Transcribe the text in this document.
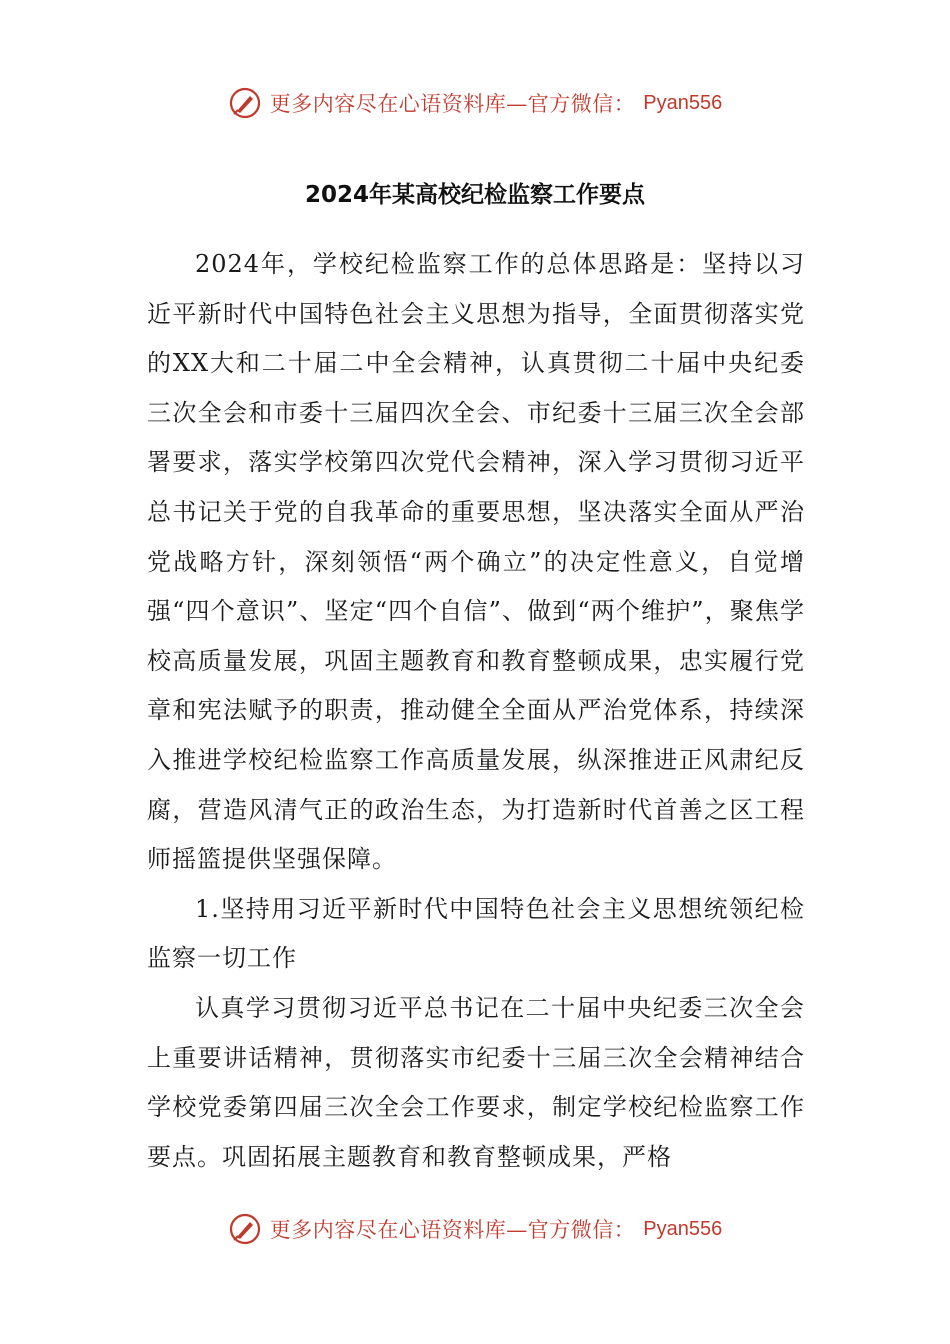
更多内容尽在心语资料库—官方微信： Pyan556
2024年某高校纪检监察工作要点

2024年，学校纪检监察工作的总体思路是：坚持以习近平新时代中国特色社会主义思想为指导，全面贯彻落实党的XX大和二十届二中全会精神，认真贯彻二十届中央纪委三次全会和市委十三届四次全会、市纪委十三届三次全会部署要求，落实学校第四次党代会精神，深入学习贯彻习近平总书记关于党的自我革命的重要思想，坚决落实全面从严治党战略方针，深刻领悟“两个确立”的决定性意义，自觉增强“四个意识”、坚定“四个自信”、做到“两个维护”，聚焦学校高质量发展，巩固主题教育和教育整顿成果，忠实履行党章和宪法赋予的职责，推动健全全面从严治党体系，持续深入推进学校纪检监察工作高质量发展，纵深推进正风肃纪反腐，营造风清气正的政治生态，为打造新时代首善之区工程师摇篮提供坚强保障。

1.坚持用习近平新时代中国特色社会主义思想统领纪检监察一切工作

认真学习贯彻习近平总书记在二十届中央纪委三次全会上重要讲话精神，贯彻落实市纪委十三届三次全会精神结合学校党委第四届三次全会工作要求，制定学校纪检监察工作要点。巩固拓展主题教育和教育整顿成果，严格

更多内容尽在心语资料库—官方微信： Pyan556
